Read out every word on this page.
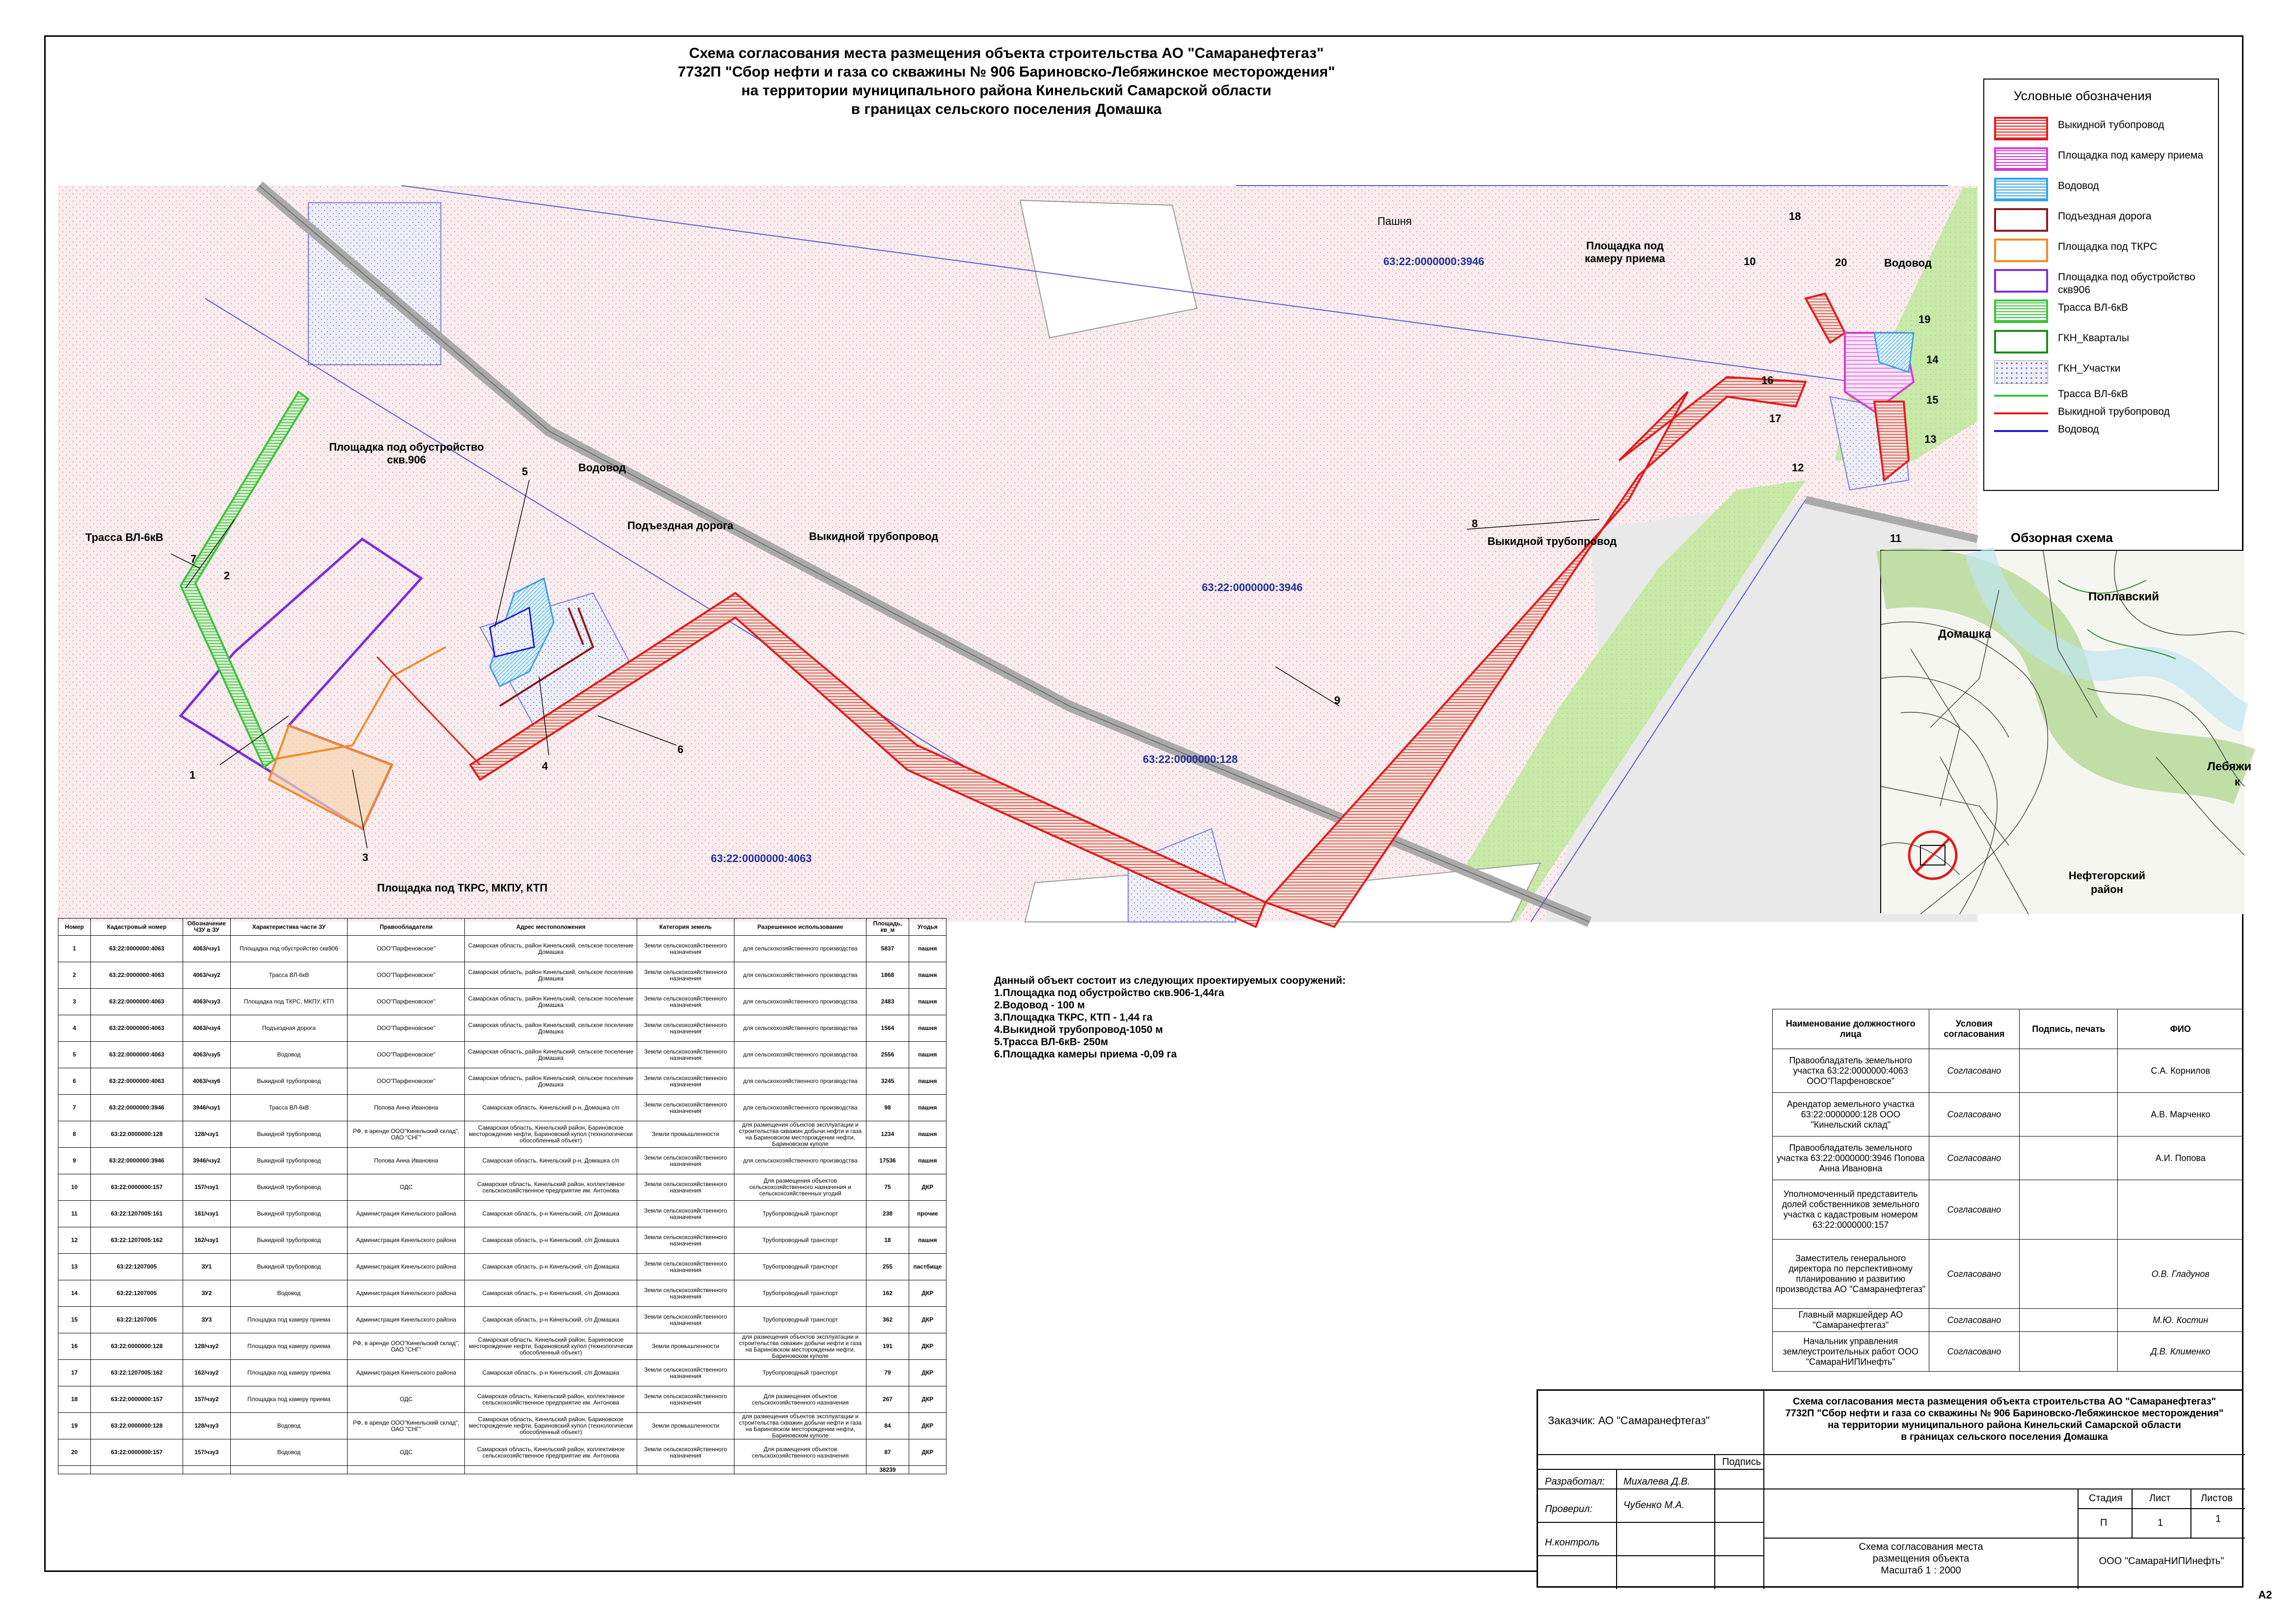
Схема согласования места размещения объекта строительства АО "Самаранефтегаз"
7732П "Сбор нефти и газа со скважины № 906 Бариновско-Лебяжинское месторождения"
на территории муниципального района Кинельский Самарской области
в границах сельского поселения Домашка
Пашня
Площадка под камеру приема	Водовод
Площадка под обустройство скв.906
Водовод
Подъездная дорога
Выкидной трубопровод
Трасса ВЛ-6кВ	Выкидной трубопровод
Площадка под ТКРС, МКПУ, КТП
63:22:0000000:3946
63:22:0000000:3946
63:22:0000000:128
63:22:0000000:4063
7
2
1
3
4
5
6
9
8
10
18
20
19
14
16
15
17
13
12
11
Условные обозначения
Выкидной тубопровод
Площадка под камеру приема
Водовод
Подъездная дорога
Площадка под ТКРС
Площадка под обустройство скв906
Трасса ВЛ-6кВ
ГКН_Кварталы
ГКН_Участки
Трасса ВЛ-6кВ
Выкидной трубопровод
Водовод
Обзорная схема
Поплавский
Домашка
Лебяжи
к
Нефтегорский район
Номер	Кадастровый номер	Обозначение ЧЗУ в ЗУ	Характеристика части ЗУ	Правообладатели	Адрес местоположения	Категория земель	Разрешенное использование	Площадь, кв_м	Угодья
1	63:22:0000000:4063	4063/чзу1	Площадка под обустройство скв906	ООО"Парфеновское"	Самарская область, район Кинельский, сельское поселение Домашка	Земли сельскохозяйственного назначения	для сельскохозяйственного производства	5837	пашня
2	63:22:0000000:4063	4063/чзу2	Трасса ВЛ-6кВ	ООО"Парфеновское"	Самарская область, район Кинельский, сельское поселение Домашка	Земли сельскохозяйственного назначения	для сельскохозяйственного производства	1868	пашня
3	63:22:0000000:4063	4063/чзу3	Площадка под ТКРС, МКПУ, КТП	ООО"Парфеновское"	Самарская область, район Кинельский, сельское поселение Домашка	Земли сельскохозяйственного назначения	для сельскохозяйственного производства	2483	пашня
4	63:22:0000000:4063	4063/чзу4	Подъездная дорога	ООО"Парфеновское"	Самарская область, район Кинельский, сельское поселение Домашка	Земли сельскохозяйственного назначения	для сельскохозяйственного производства	1564	пашня
5	63:22:0000000:4063	4063/чзу5	Водовод	ООО"Парфеновское"	Самарская область, район Кинельский, сельское поселение Домашка	Земли сельскохозяйственного назначения	для сельскохозяйственного производства	2556	пашня
6	63:22:0000000:4063	4063/чзу6	Выкидной трубопровод	ООО"Парфеновское"	Самарская область, район Кинельский, сельское поселение Домашка	Земли сельскохозяйственного назначения	для сельскохозяйственного производства	3245	пашня
7	63:22:0000000:3946	3946/чзу1	Трасса ВЛ-6кВ	Попова Анна Ивановна	Самарская область, Кинельский р-н, Домашка с/п	Земли сельскохозяйственного назначения	для сельскохозяйственного производства	98	пашня
8	63:22:0000000:128	128/чзу1	Выкидной трубопровод	РФ, в аренде ООО"Кинельский склад", ОАО "СНГ"	Самарская область, Кинельский район, Бариновское месторождение нефти, Бариновский купол (технологически обособленный объект)	Земли промышленности	для размещения объектов эксплуатации и строительства скважин добычи нефти и газа на Бариновском месторождении нефти, Бариновском куполе	1234	пашня
9	63:22:0000000:3946	3946/чзу2	Выкидной трубопровод	Попова Анна Ивановна	Самарская область, Кинельский р-н, Домашка с/п	Земли сельскохозяйственного назначения	для сельскохозяйственного производства	17536	пашня
10	63:22:0000000:157	157/чзу1	Выкидной трубопровод	ОДС	Самарская область, Кинельский район, коллективное сельскохозяйственное предприятие им. Антонова	Земли сельскохозяйственного назначения	Для размещения объектов сельскохозяйственного назначения и сельскохозяйственных угодий	75	ДКР
11	63:22:1207005:161	161/чзу1	Выкидной трубопровод	Администрация Кинельского района	Самарская область, р-н Кинельский, с/п Домашка	Земли сельскохозяйственного назначения	Трубопроводный транспорт	238	прочие
12	63:22:1207005:162	162/чзу1	Выкидной трубопровод	Администрация Кинельского района	Самарская область, р-н Кинельский, с/п Домашка	Земли сельскохозяйственного назначения	Трубопроводный транспорт	18	пашня
13	63:22:1207005	ЗУ1	Выкидной трубопровод	Администрация Кинельского района	Самарская область, р-н Кинельский, с/п Домашка	Земли сельскохозяйственного назначения	Трубопроводный транспорт	255	пастбище
14	63:22:1207005	ЗУ2	Водовод	Администрация Кинельского района	Самарская область, р-н Кинельский, с/п Домашка	Земли сельскохозяйственного назначения	Трубопроводный транспорт	162	ДКР
15	63:22:1207005	ЗУ3	Площадка под камеру приема	Администрация Кинельского района	Самарская область, р-н Кинельский, с/п Домашка	Земли сельскохозяйственного назначения	Трубопроводный транспорт	362	ДКР
16	63:22:0000000:128	128/чзу2	Площадка под камеру приема	РФ, в аренде ООО"Кинельский склад", ОАО "СНГ"	Самарская область, Кинельский район, Бариновское месторождение нефти, Бариновский купол (технологически обособленный объект)	Земли промышленности	для размещения объектов эксплуатации и строительства скважин добычи нефти и газа на Бариновском месторождении нефти, Бариновском куполе	191	ДКР
17	63:22:1207005:162	162/чзу2	Площадка под камеру приема	Администрация Кинельского района	Самарская область, р-н Кинельский, с/п Домашка	Земли сельскохозяйственного назначения	Трубопроводный транспорт	79	ДКР
18	63:22:0000000:157	157/чзу2	Площадка под камеру приема	ОДС	Самарская область, Кинельский район, коллективное сельскохозяйственное предприятие им. Антонова	Земли сельскохозяйственного назначения	Для размещения объектов сельскохозяйственного назначения	267	ДКР
19	63:22:0000000:128	128/чзу3	Водовод	РФ, в аренде ООО"Кинельский склад", ОАО "СНГ"	Самарская область, Кинельский район, Бариновское месторождение нефти, Бариновский купол (технологически обособленный объект)	Земли промышленности	для размещения объектов эксплуатации и строительства скважин добычи нефти и газа на Бариновском месторождении нефти, Бариновском куполе	84	ДКР
20	63:22:0000000:157	157/чзу3	Водовод	ОДС	Самарская область, Кинельский район, коллективное сельскохозяйственное предприятие им. Антонова	Земли сельскохозяйственного назначения	Для размещения объектов сельскохозяйственного назначения	87	ДКР
								38239	
Данный объект состоит из следующих проектируемых сооружений:
1.Площадка под обустройство скв.906-1,44га
2.Водовод - 100 м
3.Площадка ТКРС, КТП - 1,44 га
4.Выкидной трубопровод-1050 м
5.Трасса ВЛ-6кВ- 250м
6.Площадка камеры приема -0,09 га
Наименование должностного лица	Условия согласования	Подпись, печать	ФИО
Правообладатель земельного участка 63:22:0000000:4063 ООО"Парфеновское"	Согласовано		С.А. Корнилов
Арендатор земельного участка 63:22:0000000:128 ООО "Кинельский склад"	Согласовано		А.В. Марченко
Правообладатель земельного участка 63:22:0000000:3946 Попова Анна Ивановна	Согласовано		А.И. Попова
Уполномоченный представитель долей собственников земельного участка с кадастровым номером 63:22:0000000:157	Согласовано		
Заместитель генерального директора по перспективному планированию и развитию производства АО "Самаранефтегаз"	Согласовано		О.В. Гладунов
Главный маркшейдер АО "Самаранефтегаз"	Согласовано		М.Ю. Костин
Начальник управления землеустроительных работ ООО "СамараНИПИнефть"	Согласовано		Д.В. Клименко
Заказчик: АО "Самаранефтегаз"
Схема согласования места размещения объекта строительства АО "Самаранефтегаз"
7732П "Сбор нефти и газа со скважины № 906 Бариновско-Лебяжинское месторождения"
на территории муниципального района Кинельский Самарской области
в границах сельского поселения Домашка
Подпись
Разработал: Михалева Д.В.
Проверил:	Чубенко М.А.
Н.контроль
Стадия	Лист	Листов
П	1	1
Схема согласования места
размещения объекта
Масштаб 1 : 2000
ООО "СамараНИПИнефть"
A2
